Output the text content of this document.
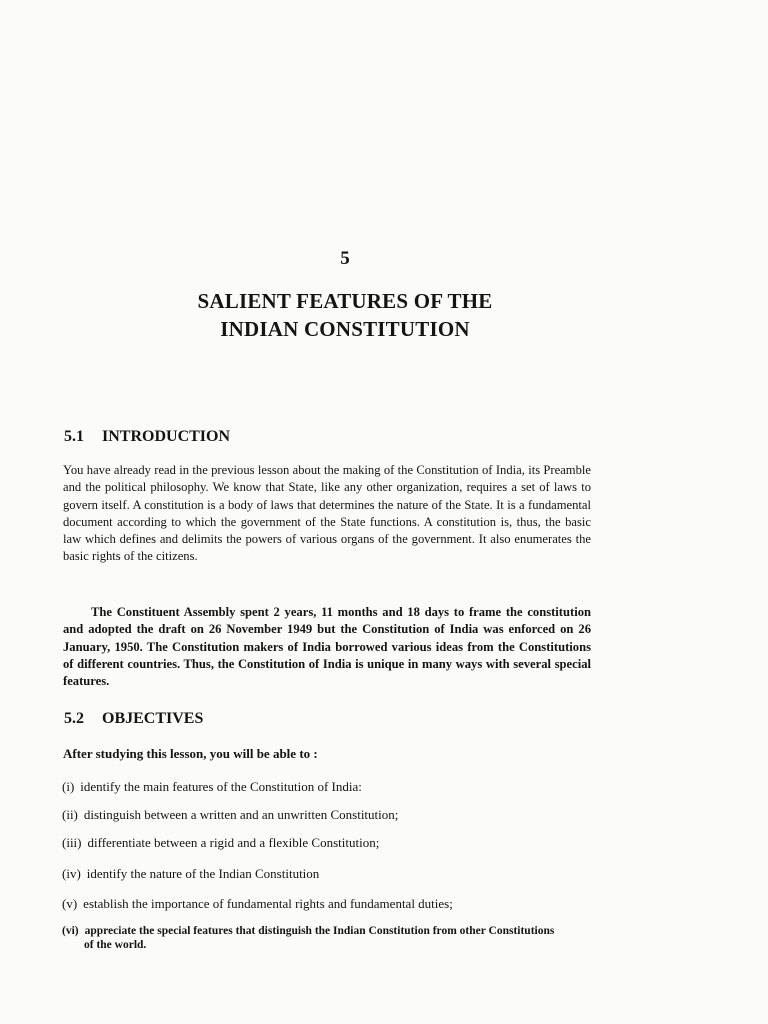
5
SALIENT FEATURES OF THE
INDIAN CONSTITUTION
5.1 INTRODUCTION
You have already read in the previous lesson about the making of the Constitution of India, its Preamble and the political philosophy. We know that State, like any other organization, requires a set of laws to govern itself. A constitution is a body of laws that determines the nature of the State. It is a fundamental document according to which the government of the State functions. A constitution is, thus, the basic law which defines and delimits the powers of various organs of the government. It also enumerates the basic rights of the citizens.
The Constituent Assembly spent 2 years, 11 months and 18 days to frame the constitution and adopted the draft on 26 November 1949 but the Constitution of India was enforced on 26 January, 1950. The Constitution makers of India borrowed various ideas from the Constitutions of different countries. Thus, the Constitution of India is unique in many ways with several special features.
5.2 OBJECTIVES
After studying this lesson, you will be able to :
(i) identify the main features of the Constitution of India:
(ii) distinguish between a written and an unwritten Constitution;
(iii) differentiate between a rigid and a flexible Constitution;
(iv) identify the nature of the Indian Constitution
(v) establish the importance of fundamental rights and fundamental duties;
(vi) appreciate the special features that distinguish the Indian Constitution from other Constitutions
of the world.
